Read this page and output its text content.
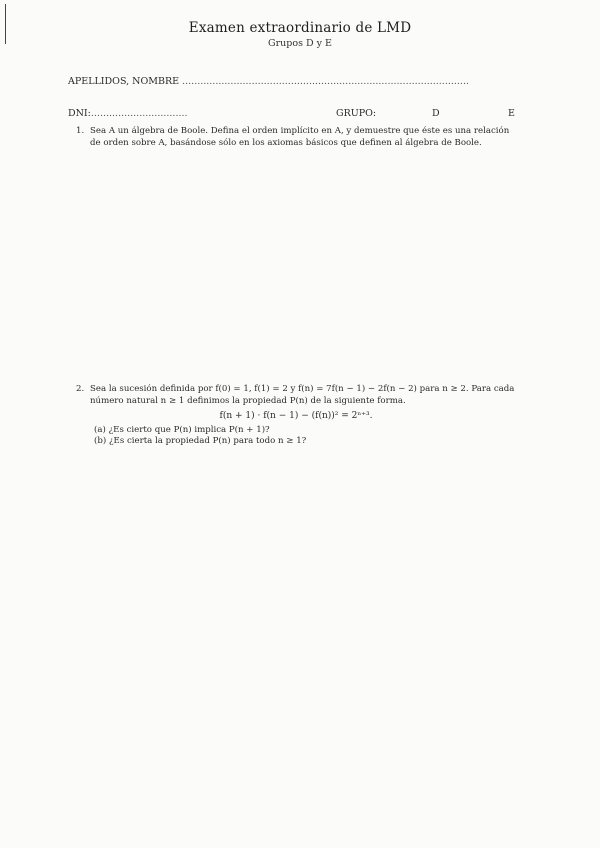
Examen extraordinario de LMD
Grupos D y E
APELLIDOS, NOMBRE ...............................................................................................
DNI:................................	GRUPO:	D	E
1. Sea A un álgebra de Boole. Defina el orden implícito en A, y demuestre que éste es una relación de orden sobre A, basándose sólo en los axiomas básicos que definen al álgebra de Boole.
2. Sea la sucesión definida por f(0) = 1, f(1) = 2 y f(n) = 7f(n − 1) − 2f(n − 2) para n ≥ 2. Para cada número natural n ≥ 1 definimos la propiedad P(n) de la siguiente forma.
f(n + 1) · f(n − 1) − (f(n))² = 2ⁿ⁺³.
(a) ¿Es cierto que P(n) implica P(n + 1)?
(b) ¿Es cierta la propiedad P(n) para todo n ≥ 1?
